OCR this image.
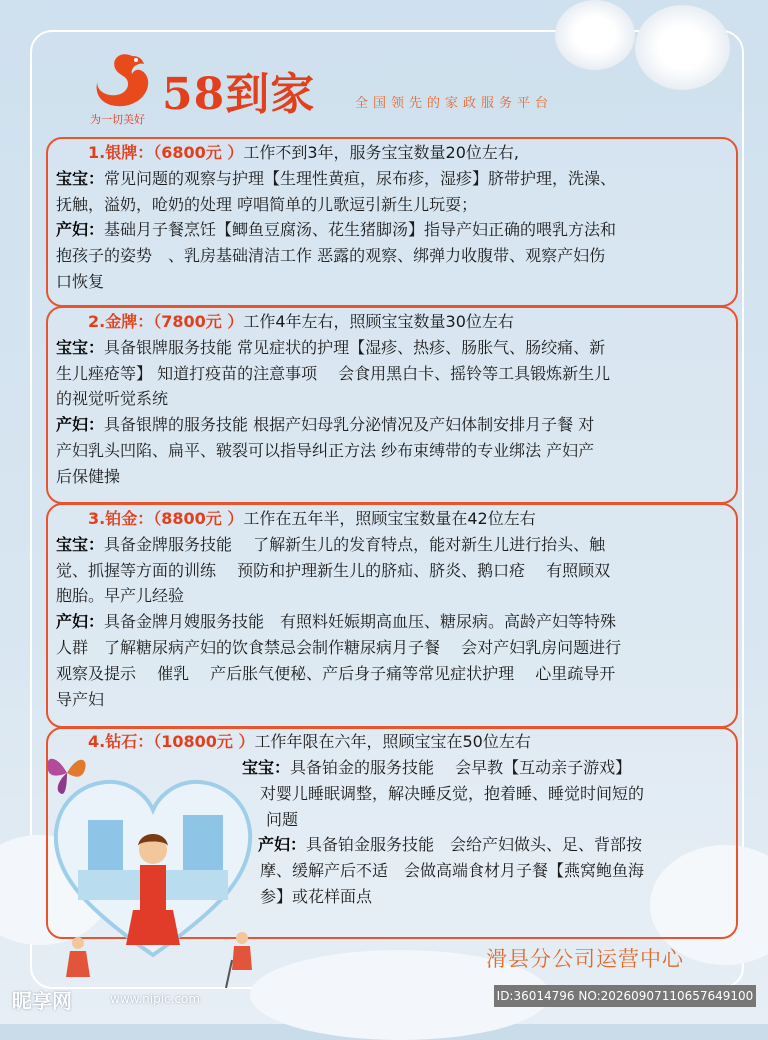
为一切美好 58到家	全国领先的家政服务平台

1.银牌：（6800元 ）工作不到3年，服务宝宝数量20位左右,

宝宝：常见问题的观察与护理【生理性黄疸，尿布疹，湿疹】脐带护理，洗澡、

抚触，溢奶，呛奶的处理 哼唱简单的儿歌逗引新生儿玩耍；

产妇：基础月子餐烹饪【鲫鱼豆腐汤、花生猪脚汤】指导产妇正确的喂乳方法和

抱孩子的姿势　、乳房基础清洁工作 恶露的观察、绑弹力收腹带、观察产妇伤

口恢复

2.金牌：（7800元 ）工作4年左右，照顾宝宝数量30位左右

宝宝：具备银牌服务技能 常见症状的护理【湿疹、热疹、肠胀气、肠绞痛、新

生儿痤疮等】 知道打疫苗的注意事项　 会食用黑白卡、摇铃等工具锻炼新生儿

的视觉听觉系统

产妇：具备银牌的服务技能 根据产妇母乳分泌情况及产妇体制安排月子餐 对

产妇乳头凹陷、扁平、皲裂可以指导纠正方法 纱布束缚带的专业绑法 产妇产

后保健操

3.铂金：（8800元 ）工作在五年半，照顾宝宝数量在42位左右

宝宝：具备金牌服务技能　 了解新生儿的发育特点，能对新生儿进行抬头、触

觉、抓握等方面的训练　 预防和护理新生儿的脐疝、脐炎、鹅口疮　 有照顾双

胞胎。早产儿经验

产妇：具备金牌月嫂服务技能　有照料妊娠期高血压、糖尿病。高龄产妇等特殊

人群　了解糖尿病产妇的饮食禁忌会制作糖尿病月子餐　 会对产妇乳房问题进行

观察及提示　 催乳　 产后胀气便秘、产后身子痛等常见症状护理　 心里疏导开

导产妇

4.钻石：（10800元 ）工作年限在六年，照顾宝宝在50位左右

宝宝：具备铂金的服务技能　 会早教【互动亲子游戏】

对婴儿睡眠调整，解决睡反觉，抱着睡、睡觉时间短的

问题

产妇：具备铂金服务技能　会给产妇做头、足、背部按

摩、缓解产后不适　会做高端食材月子餐【燕窝鲍鱼海

参】或花样面点

滑县分公司运营中心
昵享网	www.nipic.com	ID:36014796 NO:20260907110657649100
